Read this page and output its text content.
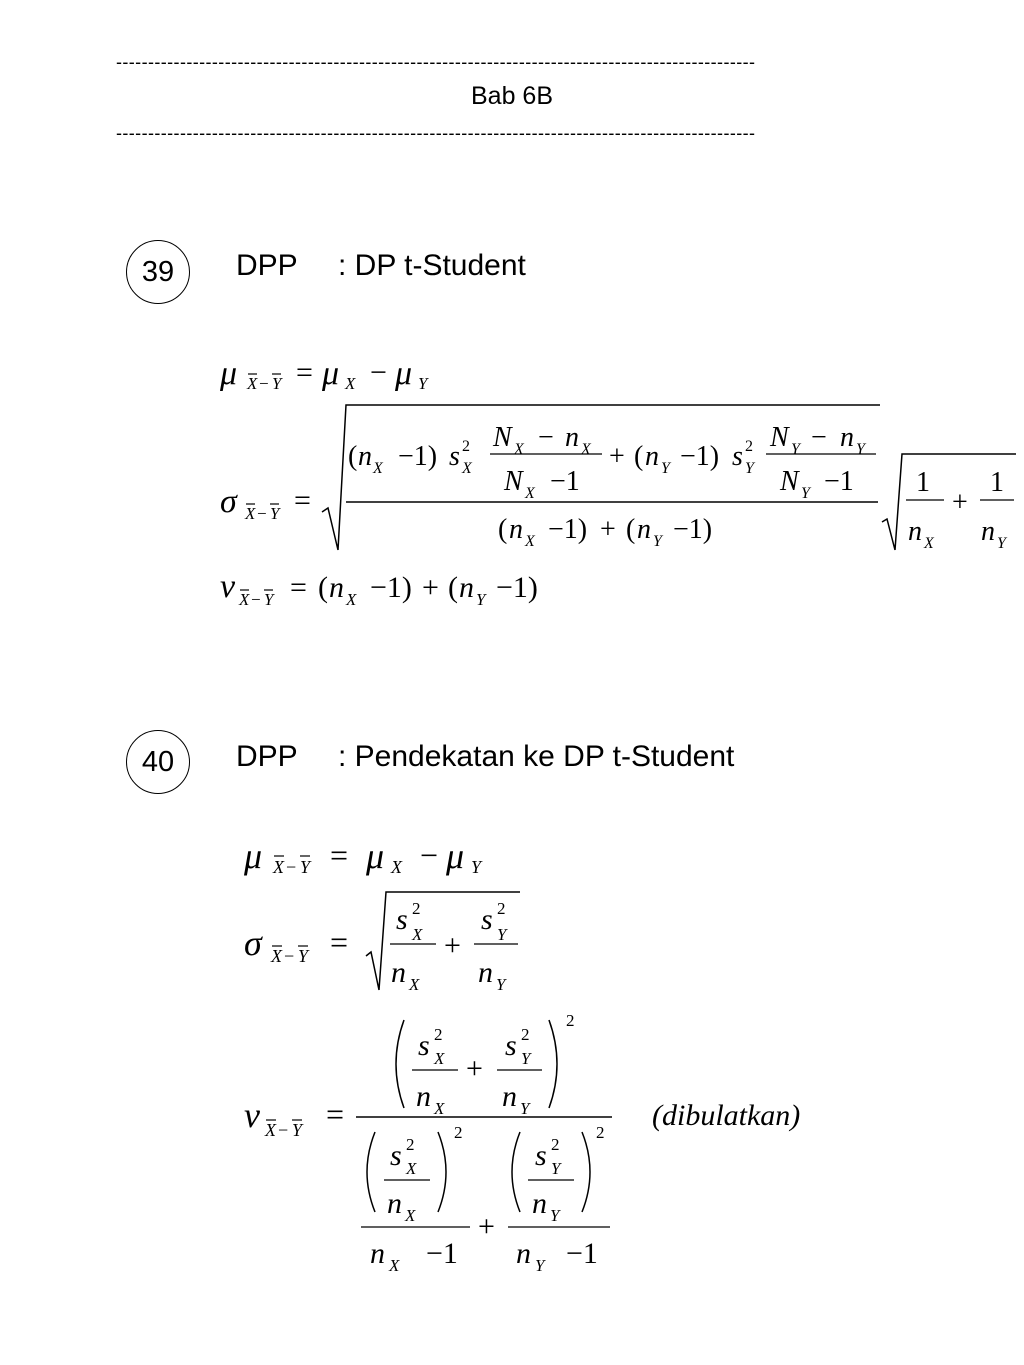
----------------------------------------------------------------------------------------------------
Bab 6B
----------------------------------------------------------------------------------------------------
39	DPP : DP t-Student
40	DPP : Pendekatan ke DP t-Student
μ X − Y = μ X − μ Y
σ X − Y =
( n X −1) s 2
X
N X − n X
N X −1
+ ( n Y −1) s 2
Y
N Y − n Y
N Y −1
( n X −1) + ( n Y −1)
1
n X
+
1
n Y
ν X − Y = ( n X −1) + ( n Y −1)
μ X − Y = μ X − μ Y
σ X − Y =
s 2
X
n X
+
s 2
Y
n Y
ν X − Y =
s 2
X
n X
+
s 2
Y
n Y
2
s 2
X
n X
2
n X −1
+
s 2
Y
n Y
2
n Y −1
(dibulatkan)
